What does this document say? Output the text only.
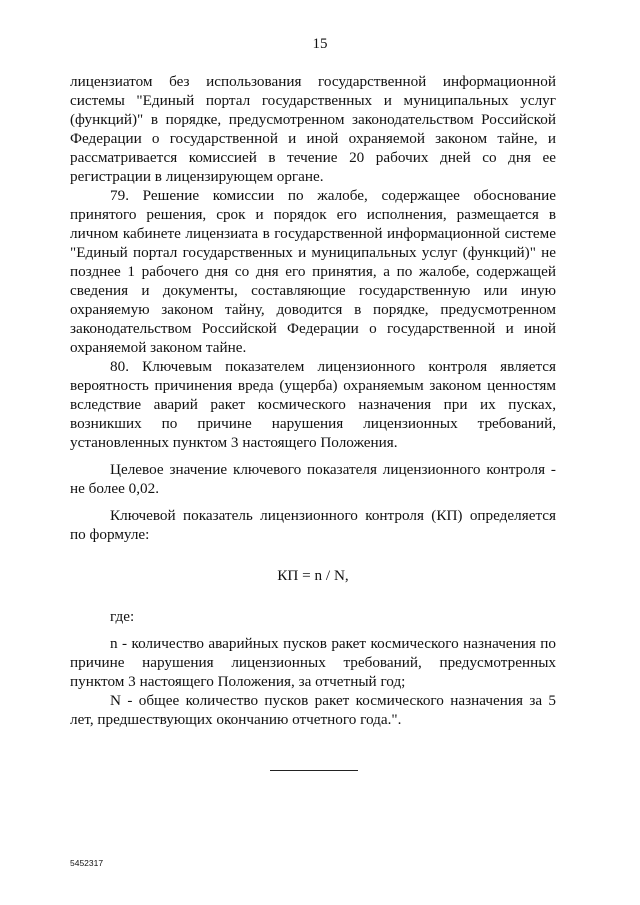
15

лицензиатом без использования государственной информационной системы "Единый портал государственных и муниципальных услуг (функций)" в порядке, предусмотренном законодательством Российской Федерации о государственной и иной охраняемой законом тайне, и рассматривается комиссией в течение 20 рабочих дней со дня ее регистрации в лицензирующем органе.

79. Решение комиссии по жалобе, содержащее обоснование принятого решения, срок и порядок его исполнения, размещается в личном кабинете лицензиата в государственной информационной системе "Единый портал государственных и муниципальных услуг (функций)" не позднее 1 рабочего дня со дня его принятия, а по жалобе, содержащей сведения и документы, составляющие государственную или иную охраняемую законом тайну, доводится в порядке, предусмотренном законодательством Российской Федерации о государственной и иной охраняемой законом тайне.

80. Ключевым показателем лицензионного контроля является вероятность причинения вреда (ущерба) охраняемым законом ценностям вследствие аварий ракет космического назначения при их пусках, возникших по причине нарушения лицензионных требований, установленных пунктом 3 настоящего Положения.

Целевое значение ключевого показателя лицензионного контроля - не более 0,02.

Ключевой показатель лицензионного контроля (КП) определяется по формуле:

КП = n / N,

где:

n - количество аварийных пусков ракет космического назначения по причине нарушения лицензионных требований, предусмотренных пунктом 3 настоящего Положения, за отчетный год;

N - общее количество пусков ракет космического назначения за 5 лет, предшествующих окончанию отчетного года.".

5452317
